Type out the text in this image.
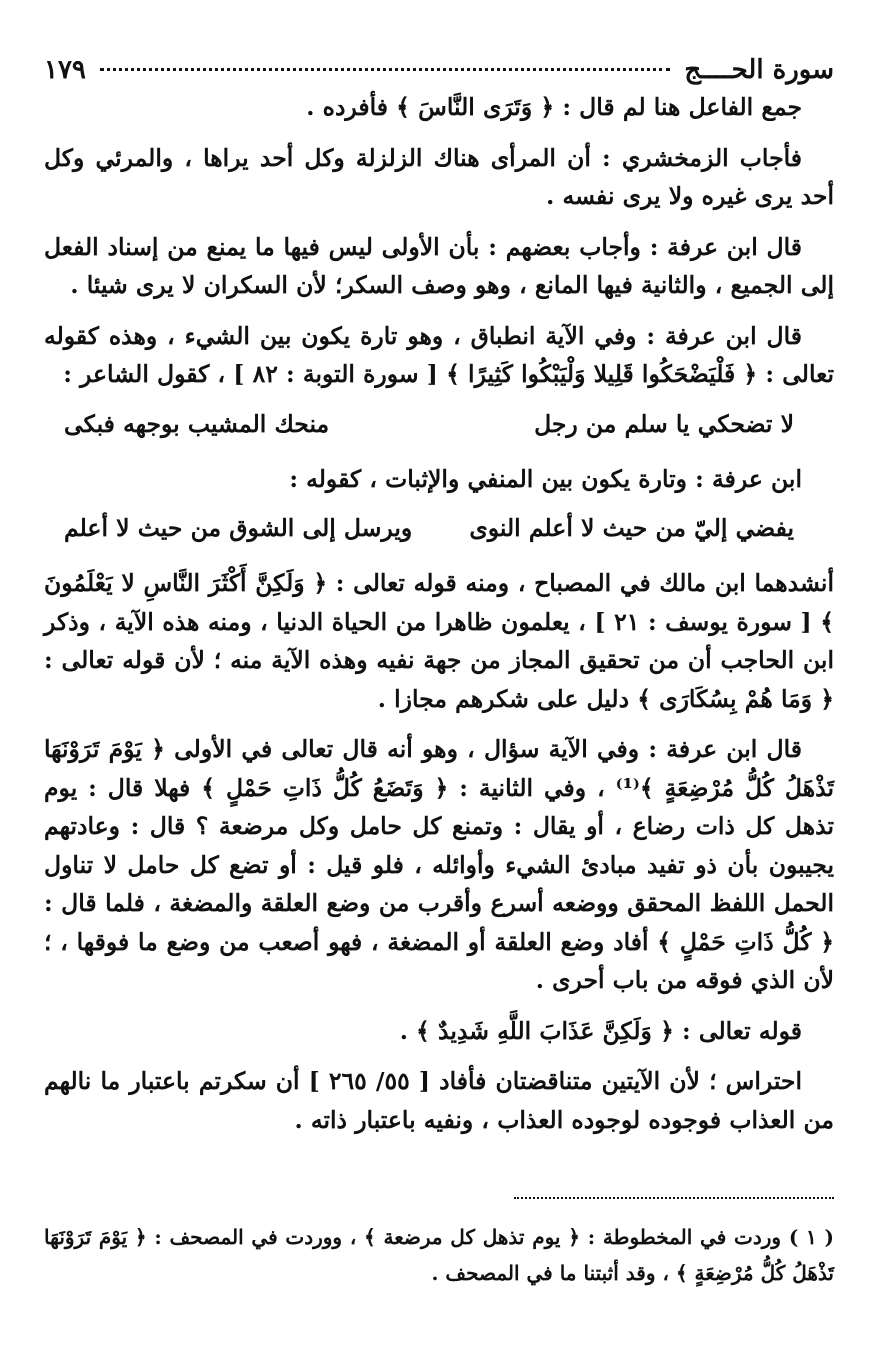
سورة الحــــج
١٧٩

جمع الفاعل هنا لم قال : ﴿ وَتَرَى النَّاسَ ﴾ فأفرده .

فأجاب الزمخشري : أن المرأى هناك الزلزلة وكل أحد يراها ، والمرئي وكل أحد يرى غيره ولا يرى نفسه .

قال ابن عرفة : وأجاب بعضهم : بأن الأولى ليس فيها ما يمنع من إسناد الفعل إلى الجميع ، والثانية فيها المانع ، وهو وصف السكر؛ لأن السكران لا يرى شيئا .

قال ابن عرفة : وفي الآية انطباق ، وهو تارة يكون بين الشيء ، وهذه كقوله تعالى : ﴿ فَلْيَضْحَكُوا قَلِيلا وَلْيَبْكُوا كَثِيرًا ﴾ [ سورة التوبة : ٨٢ ] ، كقول الشاعر :

لا تضحكي يا سلم من رجل
منحك المشيب بوجهه فبكى

ابن عرفة : وتارة يكون بين المنفي والإثبات ، كقوله :

يفضي إليّ من حيث لا أعلم النوى
ويرسل إلى الشوق من حيث لا أعلم

أنشدهما ابن مالك في المصباح ، ومنه قوله تعالى : ﴿ وَلَكِنَّ أَكْثَرَ النَّاسِ لا يَعْلَمُونَ ﴾ [ سورة يوسف : ٢١ ] ، يعلمون ظاهرا من الحياة الدنيا ، ومنه هذه الآية ، وذكر ابن الحاجب أن من تحقيق المجاز من جهة نفيه وهذه الآية منه ؛ لأن قوله تعالى : ﴿ وَمَا هُمْ بِسُكَارَى ﴾ دليل على شكرهم مجازا .

قال ابن عرفة : وفي الآية سؤال ، وهو أنه قال تعالى في الأولى ﴿ يَوْمَ تَرَوْنَهَا تَذْهَلُ كُلُّ مُرْضِعَةٍ ﴾⁽¹⁾ ، وفي الثانية : ﴿ وَتَضَعُ كُلُّ ذَاتِ حَمْلٍ ﴾ فهلا قال : يوم تذهل كل ذات رضاع ، أو يقال : وتمنع كل حامل وكل مرضعة ؟ قال : وعادتهم يجيبون بأن ذو تفيد مبادئ الشيء وأوائله ، فلو قيل : أو تضع كل حامل لا تناول الحمل اللفظ المحقق ووضعه أسرع وأقرب من وضع العلقة والمضغة ، فلما قال : ﴿ كُلُّ ذَاتِ حَمْلٍ ﴾ أفاد وضع العلقة أو المضغة ، فهو أصعب من وضع ما فوقها ، ؛ لأن الذي فوقه من باب أحرى .

قوله تعالى : ﴿ وَلَكِنَّ عَذَابَ اللَّهِ شَدِيدٌ ﴾ .

احتراس ؛ لأن الآيتين متناقضتان فأفاد [ ٥٥/ ٢٦٥ ] أن سكرتم باعتبار ما نالهم من العذاب فوجوده لوجوده العذاب ، ونفيه باعتبار ذاته .

( ١ ) وردت في المخطوطة : ﴿ يوم تذهل كل مرضعة ﴾ ، ووردت في المصحف : ﴿ يَوْمَ تَرَوْنَهَا تَذْهَلُ كُلُّ مُرْضِعَةٍ ﴾ ، وقد أثبتنا ما في المصحف .
